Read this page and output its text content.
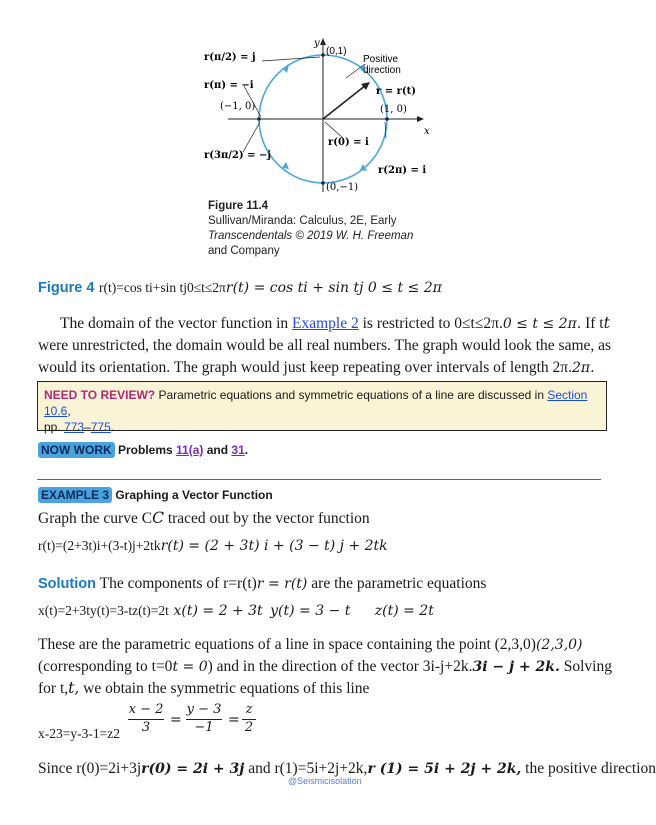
y
x
(0,1)
Positive direction
r(π/2) = j
r(π) = −i
(−1, 0)
r = r(t)
(1, 0)
r(3π/2) = −j
r(0) = i
r(2π) = i
(0,−1)
Figure 11.4
Sullivan/Miranda: Calculus, 2E, Early
Transcendentals © 2019 W. H. Freeman
and Company
Figure 4 r(t)=cos ti+sin tj0≤t≤2πr(t) = cos ti + sin tj 0 ≤ t ≤ 2π
The domain of the vector function in Example 2 is restricted to 0≤t≤2π.0 ≤ t ≤ 2π. If tt
were unrestricted, the domain would be all real numbers. The graph would look the same, as
would its orientation. The graph would just keep repeating over intervals of length 2π.2π.
NEED TO REVIEW? Parametric equations and symmetric equations of a line are discussed in Section 10.6,
pp. 773–775.
NOW WORK Problems 11(a) and 31.
EXAMPLE 3 Graphing a Vector Function
Graph the curve CC traced out by the vector function
r(t)=(2+3t)i+(3-t)j+2tkr(t) = (2 + 3t) i + (3 − t) j + 2tk
Solution The components of r=r(t)r = r(t) are the parametric equations
x(t)=2+3ty(t)=3-tz(t)=2t x(t) = 2 + 3t y(t) = 3 − t z(t) = 2t
These are the parametric equations of a line in space containing the point (2,3,0)(2,3,0)
(corresponding to t=0t = 0) and in the direction of the vector 3i-j+2k.3i − j + 2k. Solving
for t,t, we obtain the symmetric equations of this line
x-23=y-3-1=z2
x − 2
3	=
y − 3
−1	=
z
2
Since r(0)=2i+3jr(0) = 2i + 3j and r(1)=5i+2j+2k,r (1) = 5i + 2j + 2k, the positive direction
@Seismicisolation
